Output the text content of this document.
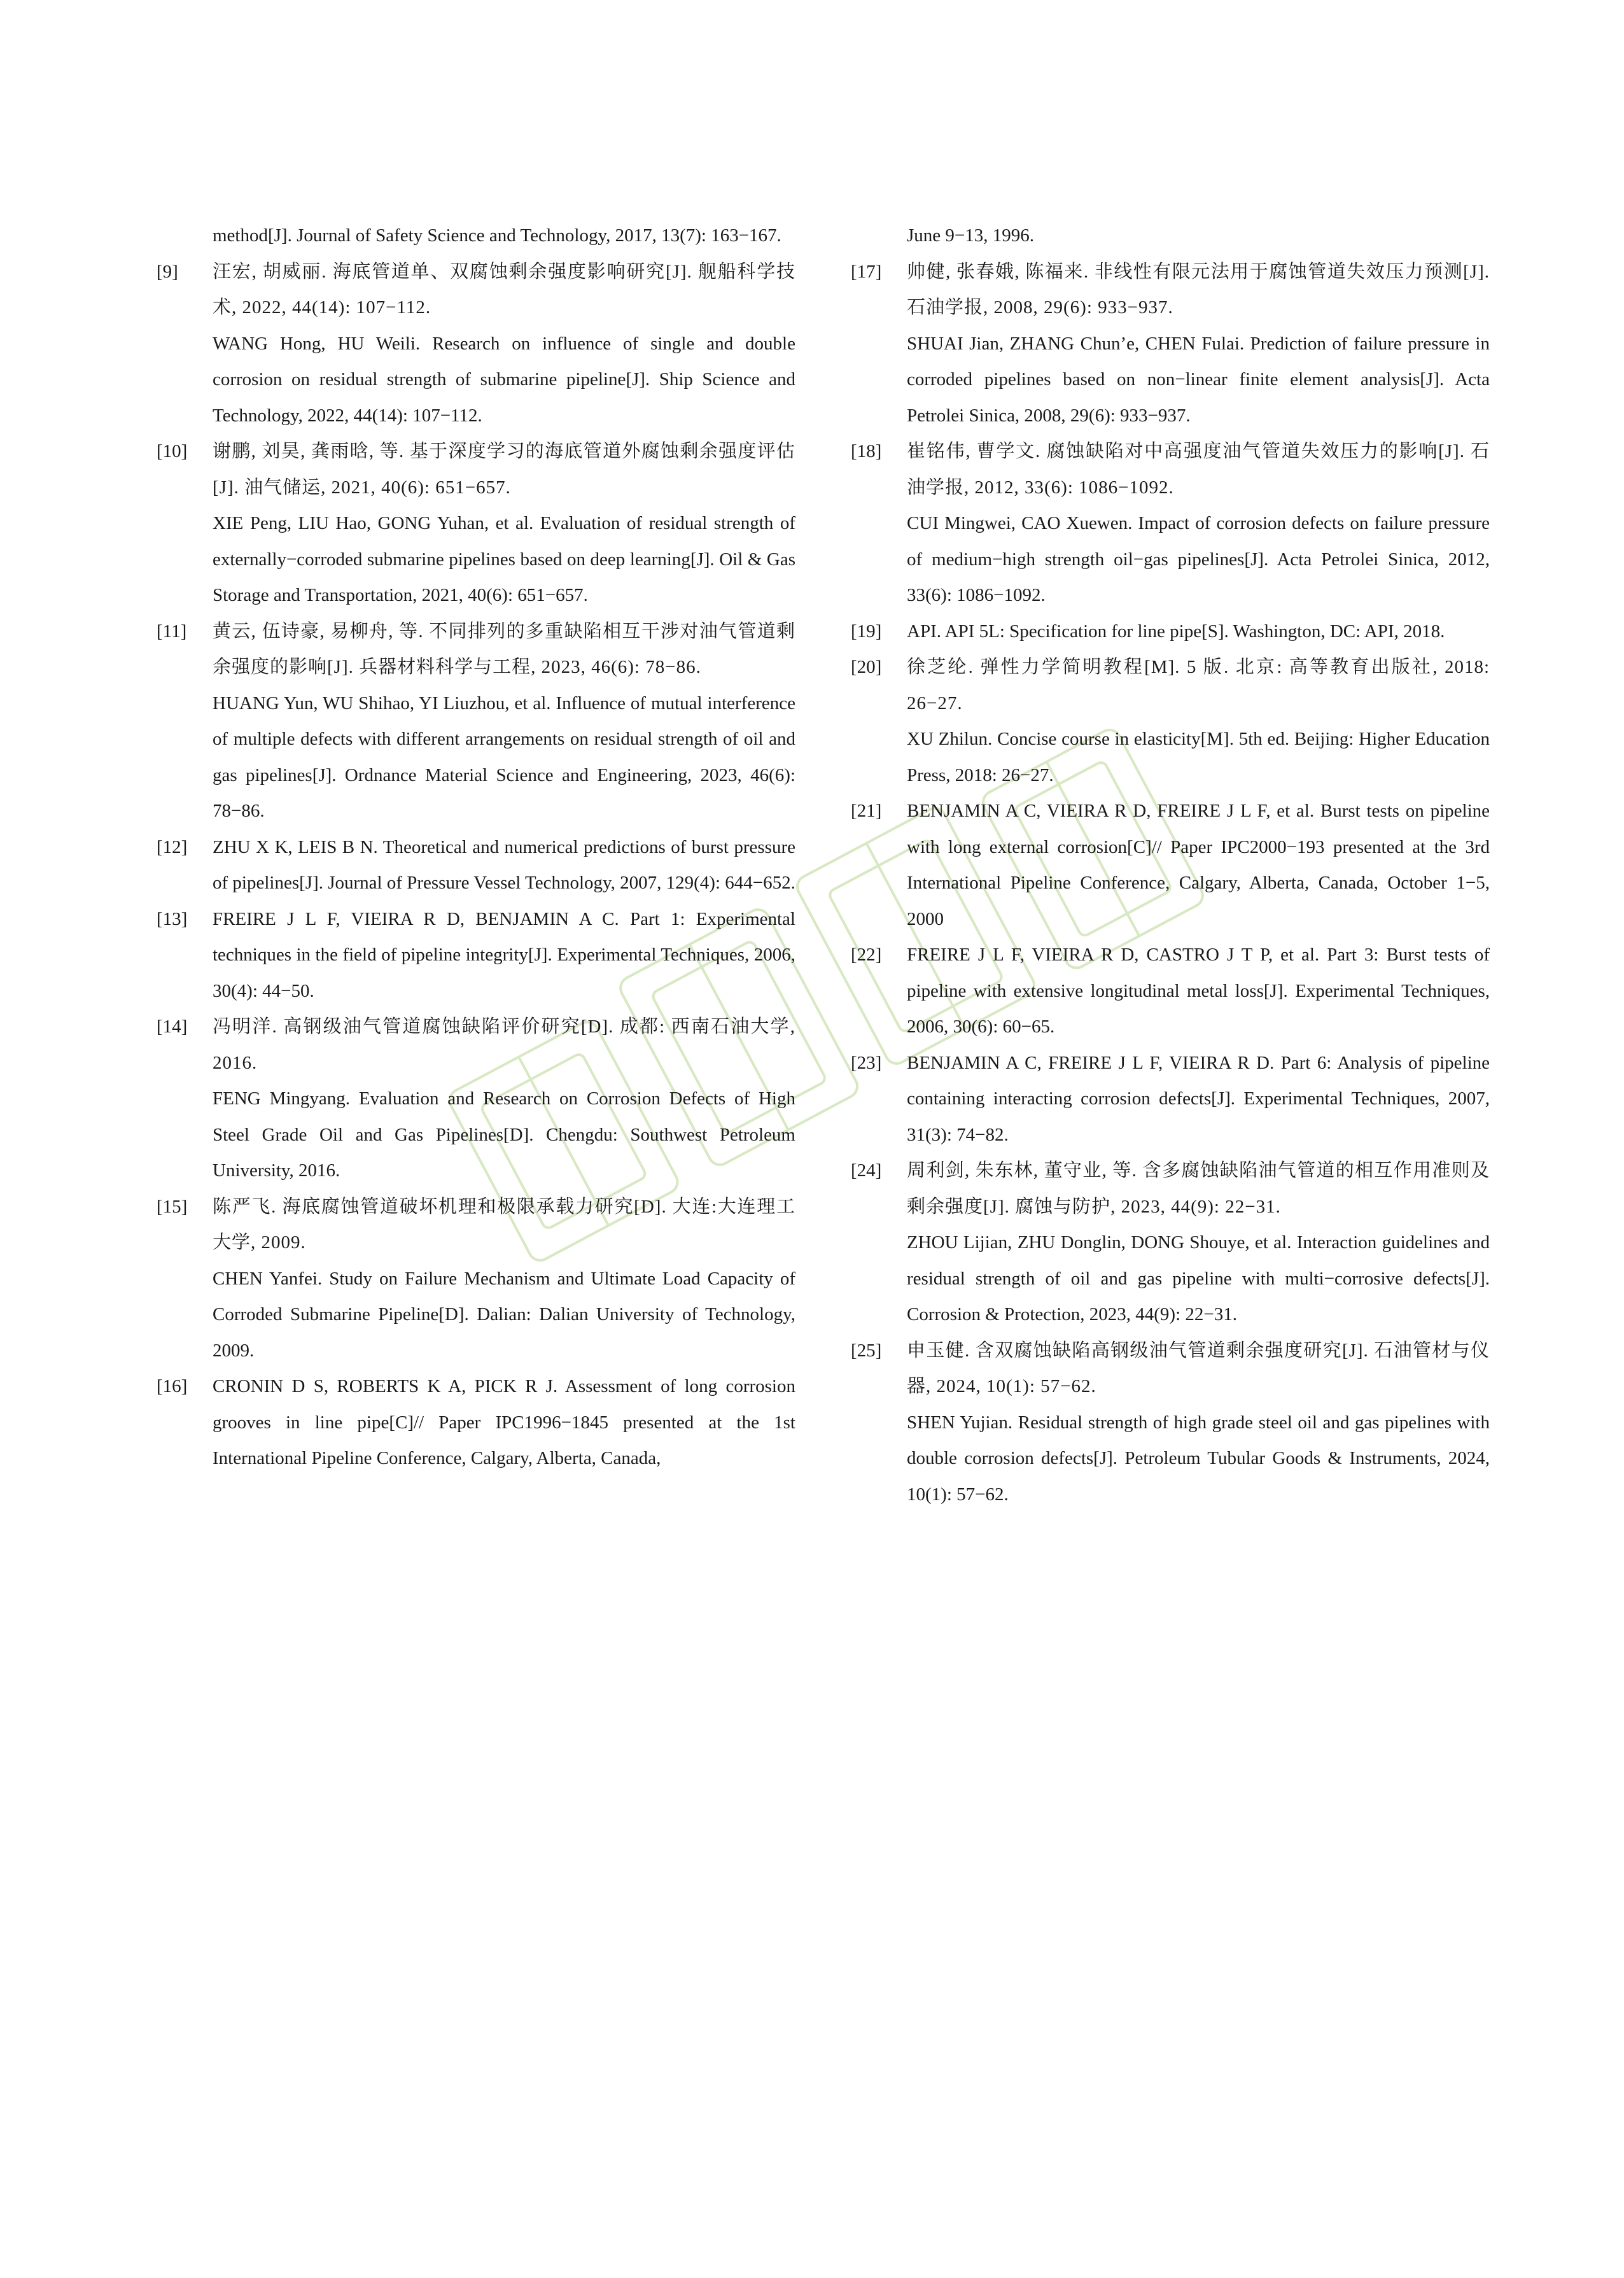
method[J]. Journal of Safety Science and Technology, 2017, 13(7): 163−167.

[9] 汪宏, 胡威丽. 海底管道单、双腐蚀剩余强度影响研究[J]. 舰船科学技术, 2022, 44(14): 107−112.

WANG Hong, HU Weili. Research on influence of single and double corrosion on residual strength of submarine pipeline[J]. Ship Science and Technology, 2022, 44(14): 107−112.

[10] 谢鹏, 刘昊, 龚雨晗, 等. 基于深度学习的海底管道外腐蚀剩余强度评估[J]. 油气储运, 2021, 40(6): 651−657.

XIE Peng, LIU Hao, GONG Yuhan, et al. Evaluation of residual strength of externally−corroded submarine pipelines based on deep learning[J]. Oil & Gas Storage and Transportation, 2021, 40(6): 651−657.

[11] 黄云, 伍诗豪, 易柳舟, 等. 不同排列的多重缺陷相互干涉对油气管道剩余强度的影响[J]. 兵器材料科学与工程, 2023, 46(6): 78−86.

HUANG Yun, WU Shihao, YI Liuzhou, et al. Influence of mutual interference of multiple defects with different arrangements on residual strength of oil and gas pipelines[J]. Ordnance Material Science and Engineering, 2023, 46(6): 78−86.

[12] ZHU X K, LEIS B N. Theoretical and numerical predictions of burst pressure of pipelines[J]. Journal of Pressure Vessel Technology, 2007, 129(4): 644−652.

[13] FREIRE J L F, VIEIRA R D, BENJAMIN A C. Part 1: Experimental techniques in the field of pipeline integrity[J]. Experimental Techniques, 2006, 30(4): 44−50.

[14] 冯明洋. 高钢级油气管道腐蚀缺陷评价研究[D]. 成都: 西南石油大学, 2016.

FENG Mingyang. Evaluation and Research on Corrosion Defects of High Steel Grade Oil and Gas Pipelines[D]. Chengdu: Southwest Petroleum University, 2016.

[15] 陈严飞. 海底腐蚀管道破坏机理和极限承载力研究[D]. 大连:大连理工大学, 2009.

CHEN Yanfei. Study on Failure Mechanism and Ultimate Load Capacity of Corroded Submarine Pipeline[D]. Dalian: Dalian University of Technology, 2009.

[16] CRONIN D S, ROBERTS K A, PICK R J. Assessment of long corrosion grooves in line pipe[C]// Paper IPC1996−1845 presented at the 1st International Pipeline Conference, Calgary, Alberta, Canada,

June 9−13, 1996.

[17] 帅健, 张春娥, 陈福来. 非线性有限元法用于腐蚀管道失效压力预测[J]. 石油学报, 2008, 29(6): 933−937.

SHUAI Jian, ZHANG Chun’e, CHEN Fulai. Prediction of failure pressure in corroded pipelines based on non−linear finite element analysis[J]. Acta Petrolei Sinica, 2008, 29(6): 933−937.

[18] 崔铭伟, 曹学文. 腐蚀缺陷对中高强度油气管道失效压力的影响[J]. 石油学报, 2012, 33(6): 1086−1092.

CUI Mingwei, CAO Xuewen. Impact of corrosion defects on failure pressure of medium−high strength oil−gas pipelines[J]. Acta Petrolei Sinica, 2012, 33(6): 1086−1092.

[19] API. API 5L: Specification for line pipe[S]. Washington, DC: API, 2018.

[20] 徐芝纶. 弹性力学简明教程[M]. 5 版. 北京: 高等教育出版社, 2018: 26−27.

XU Zhilun. Concise course in elasticity[M]. 5th ed. Beijing: Higher Education Press, 2018: 26−27.

[21] BENJAMIN A C, VIEIRA R D, FREIRE J L F, et al. Burst tests on pipeline with long external corrosion[C]// Paper IPC2000−193 presented at the 3rd International Pipeline Conference, Calgary, Alberta, Canada, October 1−5, 2000

[22] FREIRE J L F, VIEIRA R D, CASTRO J T P, et al. Part 3: Burst tests of pipeline with extensive longitudinal metal loss[J]. Experimental Techniques, 2006, 30(6): 60−65.

[23] BENJAMIN A C, FREIRE J L F, VIEIRA R D. Part 6: Analysis of pipeline containing interacting corrosion defects[J]. Experimental Techniques, 2007, 31(3): 74−82.

[24] 周利剑, 朱东林, 董守业, 等. 含多腐蚀缺陷油气管道的相互作用准则及剩余强度[J]. 腐蚀与防护, 2023, 44(9): 22−31.

ZHOU Lijian, ZHU Donglin, DONG Shouye, et al. Interaction guidelines and residual strength of oil and gas pipeline with multi−corrosive defects[J]. Corrosion & Protection, 2023, 44(9): 22−31.

[25] 申玉健. 含双腐蚀缺陷高钢级油气管道剩余强度研究[J]. 石油管材与仪器, 2024, 10(1): 57−62.

SHEN Yujian. Residual strength of high grade steel oil and gas pipelines with double corrosion defects[J]. Petroleum Tubular Goods & Instruments, 2024, 10(1): 57−62.
